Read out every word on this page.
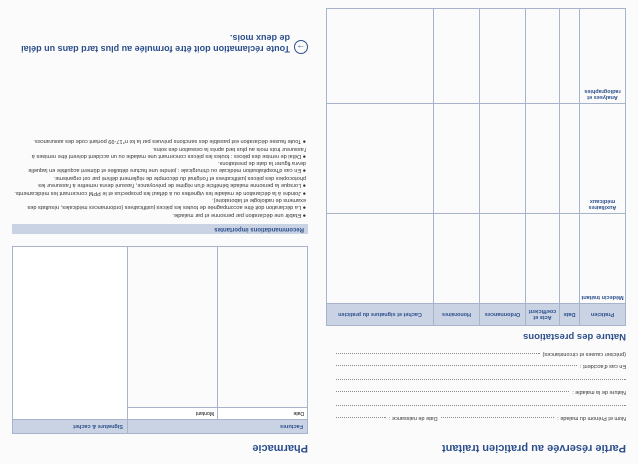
Partie réservée au praticien traitant
Nom et Prénom du malade :
Date de naissance :
Nature de la maladie :
En cas d'accident :
(préciser causes et circonstances)
Nature des prestations
Praticien	Date	Acte et coefficient	Ordonnances	Honoraires	Cachet et signature du praticien
Médecin traitant					
Auxiliaires médicaux					
Analyses et radiographies					
Pharmacie
Factures		Signature & cachet
Date	Montant	

Recommandations importantes
● Etablir une déclaration par personne et par maladie.
● La déclaration doit être accompagnée de toutes les pièces justificatives (ordonnances médicales, résultats des examens de radiologie et laboratoire).
● Joindre à la déclaration de maladie les vignettes ou à défaut les prospectus et le PPM concernant les médicaments.
● Lorsque la personne malade bénéficie d'un régime de prévoyance, l'assuré devra remettre à l'assureur les photocopies des pièces justificatives et l'original du décompte de règlement délivré par cet organisme.
● En cas d'hospitalisation médicale ou chirurgicale : joindre une facture détaillée et dûment acquittée en laquelle devra figurer la date de prestations.
● Délai de remise des pièces : toutes les pièces concernant une maladie ou un accident doivent être remises à l'assureur trois mois au plus tard après la cessation des soins.
● Toute fausse déclaration est passible des sanctions prévues par la loi n°17-99 portant code des assurances.
→
Toute réclamation doit être formulée au plus tard dans un délai de deux mois.
